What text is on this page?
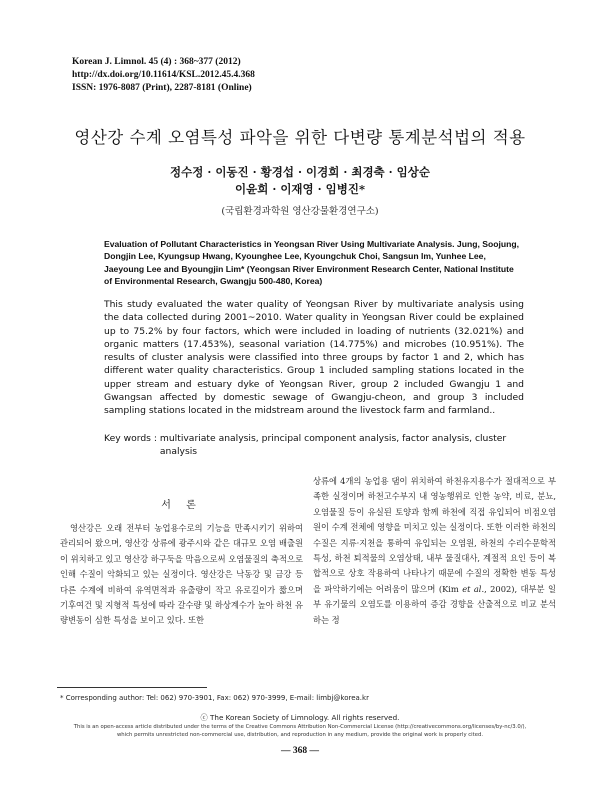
Korean J. Limnol. 45 (4) : 368~377 (2012)
http://dx.doi.org/10.11614/KSL.2012.45.4.368
ISSN: 1976-8087 (Print), 2287-8181 (Online)
영산강 수계 오염특성 파악을 위한 다변량 통계분석법의 적용
정수정 · 이동진 · 황경섭 · 이경희 · 최경축 · 임상순
이윤희 · 이재영 · 임병진*
(국립환경과학원 영산강물환경연구소)
Evaluation of Pollutant Characteristics in Yeongsan River Using Multivariate Analysis. Jung, Soojung, Dongjin Lee, Kyungsup Hwang, Kyounghee Lee, Kyoungchuk Choi, Sangsun Im, Yunhee Lee, Jaeyoung Lee and Byoungjin Lim* (Yeongsan River Environment Research Center, National Institute of Environmental Research, Gwangju 500-480, Korea)
This study evaluated the water quality of Yeongsan River by multivariate analysis using the data collected during 2001~2010. Water quality in Yeongsan River could be explained up to 75.2% by four factors, which were included in loading of nutrients (32.021%) and organic matters (17.453%), seasonal variation (14.775%) and microbes (10.951%). The results of cluster analysis were classified into three groups by factor 1 and 2, which has different water quality characteristics. Group 1 included sampling stations located in the upper stream and estuary dyke of Yeongsan River, group 2 included Gwangju 1 and Gwangsan affected by domestic sewage of Gwangju-cheon, and group 3 included sampling stations located in the midstream around the livestock farm and farmland..
Key words : multivariate analysis, principal component analysis, factor analysis, cluster analysis
서 론
영산강은 오래 전부터 농업용수로의 기능을 만족시키기 위하여 관리되어 왔으며, 영산강 상류에 광주시와 같은 대규모 오염 배출원이 위치하고 있고 영산강 하구둑을 막음으로써 오염물질의 축적으로 인해 수질이 악화되고 있는 실정이다. 영산강은 낙동강 및 금강 등 다른 수계에 비하여 유역면적과 유출량이 작고 유로길이가 짧으며 기후여건 및 지형적 특성에 따라 갈수량 및 하상계수가 높아 하천 유량변동이 심한 특성을 보이고 있다. 또한
상류에 4개의 농업용 댐이 위치하여 하천유지용수가 절대적으로 부족한 실정이며 하천고수부지 내 영농행위로 인한 농약, 비료, 분뇨, 오염물질 등이 유실된 토양과 함께 하천에 직접 유입되어 비점오염원이 수계 전체에 영향을 미치고 있는 실정이다. 또한 이러한 하천의 수질은 지류·지천을 통하여 유입되는 오염원, 하천의 수리수문학적 특성, 하천 퇴적물의 오염상태, 내부 물질대사, 계절적 요인 등이 복합적으로 상호 작용하여 나타나기 때문에 수질의 정확한 변동 특성을 파악하기에는 어려움이 많으며 (Kim et al., 2002), 대부분 일부 유기물의 오염도를 이용하여 증감 경향을 산출적으로 비교 분석하는 정
* Corresponding author: Tel: 062) 970-3901, Fax: 062) 970-3999, E-mail: limbj@korea.kr
ⓒ The Korean Society of Limnology. All rights reserved.
This is an open-access article distributed under the terms of the Creative Commons Attribution Non-Commercial License (http://creativecommons.org/licenses/by-nc/3.0/),
which permits unrestricted non-commercial use, distribution, and reproduction in any medium, provide the original work is properly cited.
— 368 —
